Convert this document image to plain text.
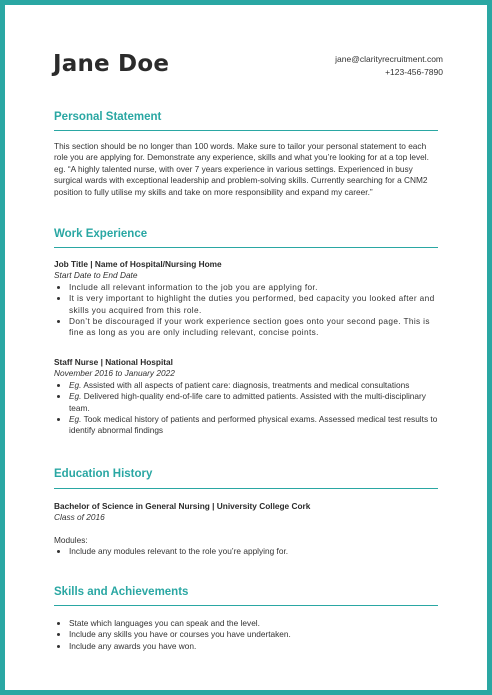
Jane Doe	jane@clarityrecruitment.com
+123-456-7890
Personal Statement
This section should be no longer than 100 words. Make sure to tailor your personal statement to each role you are applying for. Demonstrate any experience, skills and what you’re looking for at a top level. eg. “A highly talented nurse, with over 7 years experience in various settings. Experienced in busy surgical wards with exceptional leadership and problem-solving skills. Currently searching for a CNM2 position to fully utilise my skills and take on more responsibility and expand my career.”
Work Experience
Job Title | Name of Hospital/Nursing Home
Start Date to End Date
• Include all relevant information to the job you are applying for.
• It is very important to highlight the duties you performed, bed capacity you looked after and skills you acquired from this role.
• Don’t be discouraged if your work experience section goes onto your second page. This is fine as long as you are only including relevant, concise points.
Staff Nurse | National Hospital
November 2016 to January 2022
• Eg. Assisted with all aspects of patient care: diagnosis, treatments and medical consultations
• Eg. Delivered high-quality end-of-life care to admitted patients. Assisted with the multi-disciplinary team.
• Eg. Took medical history of patients and performed physical exams. Assessed medical test results to identify abnormal findings
Education History
Bachelor of Science in General Nursing | University College Cork
Class of 2016
Modules:
• Include any modules relevant to the role you’re applying for.
Skills and Achievements
• State which languages you can speak and the level.
• Include any skills you have or courses you have undertaken.
• Include any awards you have won.
